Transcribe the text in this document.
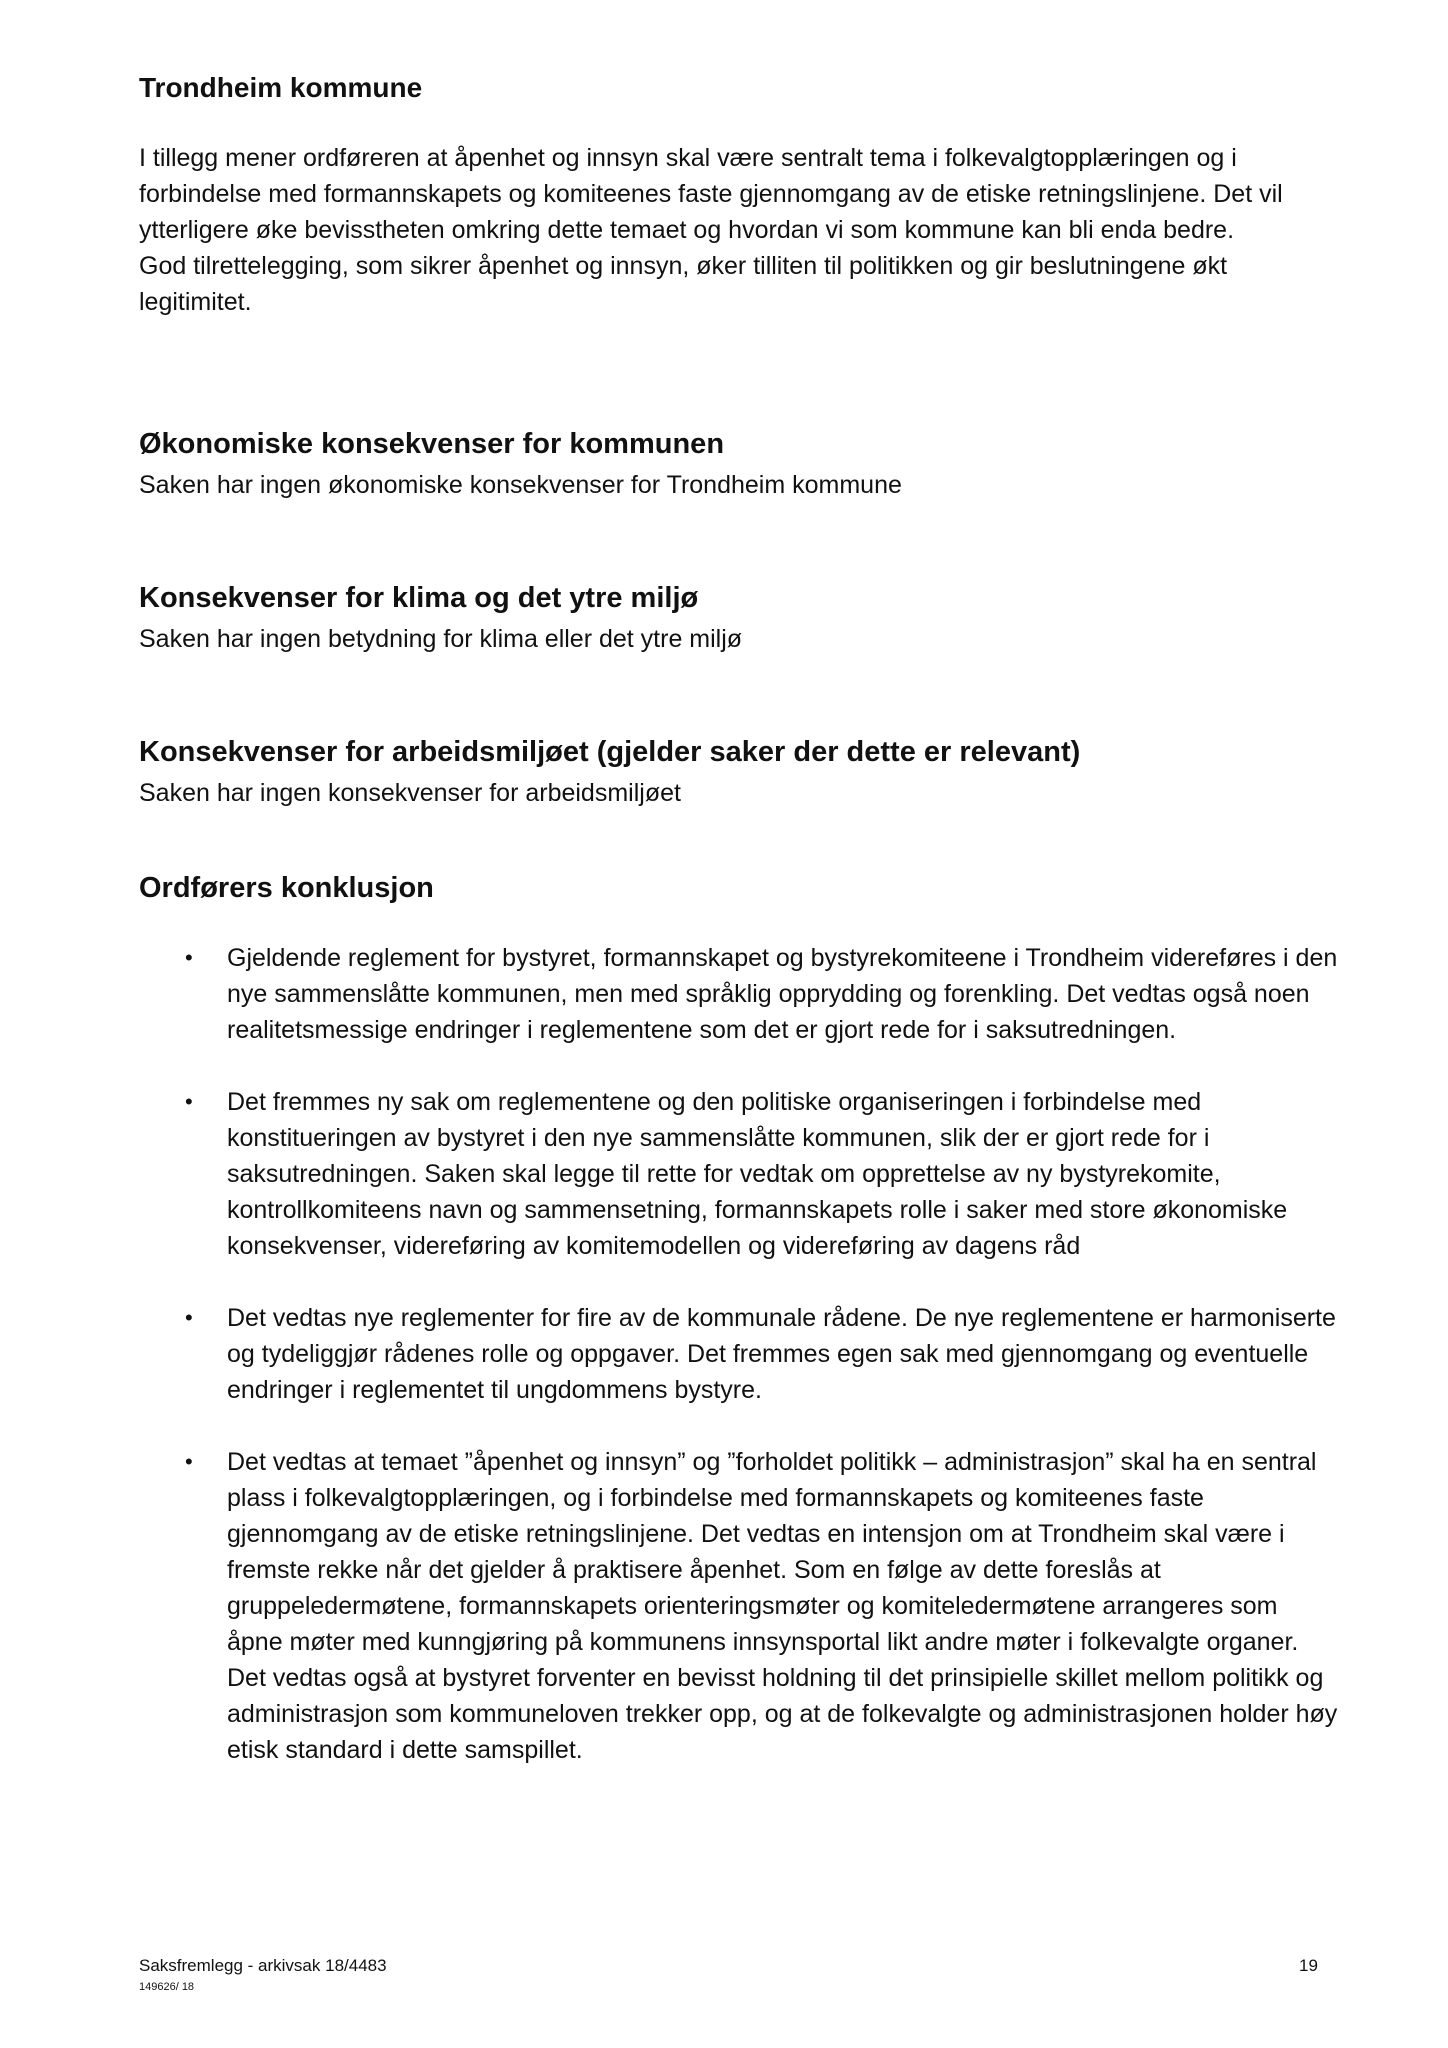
Trondheim kommune

I tillegg mener ordføreren at åpenhet og innsyn skal være sentralt tema i folkevalgtopplæringen og i forbindelse med formannskapets og komiteenes faste gjennomgang av de etiske retningslinjene. Det vil ytterligere øke bevisstheten omkring dette temaet og hvordan vi som kommune kan bli enda bedre.

God tilrettelegging, som sikrer åpenhet og innsyn, øker tilliten til politikken og gir beslutningene økt legitimitet.

Økonomiske konsekvenser for kommunen
Saken har ingen økonomiske konsekvenser for Trondheim kommune
Konsekvenser for klima og det ytre miljø
Saken har ingen betydning for klima eller det ytre miljø
Konsekvenser for arbeidsmiljøet (gjelder saker der dette er relevant)
Saken har ingen konsekvenser for arbeidsmiljøet
Ordførers konklusjon
• Gjeldende reglement for bystyret, formannskapet og bystyrekomiteene i Trondheim videreføres i den nye sammenslåtte kommunen, men med språklig opprydding og forenkling. Det vedtas også noen realitetsmessige endringer i reglementene som det er gjort rede for i saksutredningen.
• Det fremmes ny sak om reglementene og den politiske organiseringen i forbindelse med konstitueringen av bystyret i den nye sammenslåtte kommunen, slik der er gjort rede for i saksutredningen. Saken skal legge til rette for vedtak om opprettelse av ny bystyrekomite, kontrollkomiteens navn og sammensetning, formannskapets rolle i saker med store økonomiske konsekvenser, videreføring av komitemodellen og videreføring av dagens råd
• Det vedtas nye reglementer for fire av de kommunale rådene. De nye reglementene er harmoniserte og tydeliggjør rådenes rolle og oppgaver. Det fremmes egen sak med gjennomgang og eventuelle endringer i reglementet til ungdommens bystyre.
• Det vedtas at temaet ”åpenhet og innsyn” og ”forholdet politikk – administrasjon” skal ha en sentral plass i folkevalgtopplæringen, og i forbindelse med formannskapets og komiteenes faste gjennomgang av de etiske retningslinjene. Det vedtas en intensjon om at Trondheim skal være i fremste rekke når det gjelder å praktisere åpenhet. Som en følge av dette foreslås at gruppeledermøtene, formannskapets orienteringsmøter og komiteledermøtene arrangeres som åpne møter med kunngjøring på kommunens innsynsportal likt andre møter i folkevalgte organer. Det vedtas også at bystyret forventer en bevisst holdning til det prinsipielle skillet mellom politikk og administrasjon som kommuneloven trekker opp, og at de folkevalgte og administrasjonen holder høy etisk standard i dette samspillet.
Saksfremlegg - arkivsak 18/4483
149626/ 18
19
